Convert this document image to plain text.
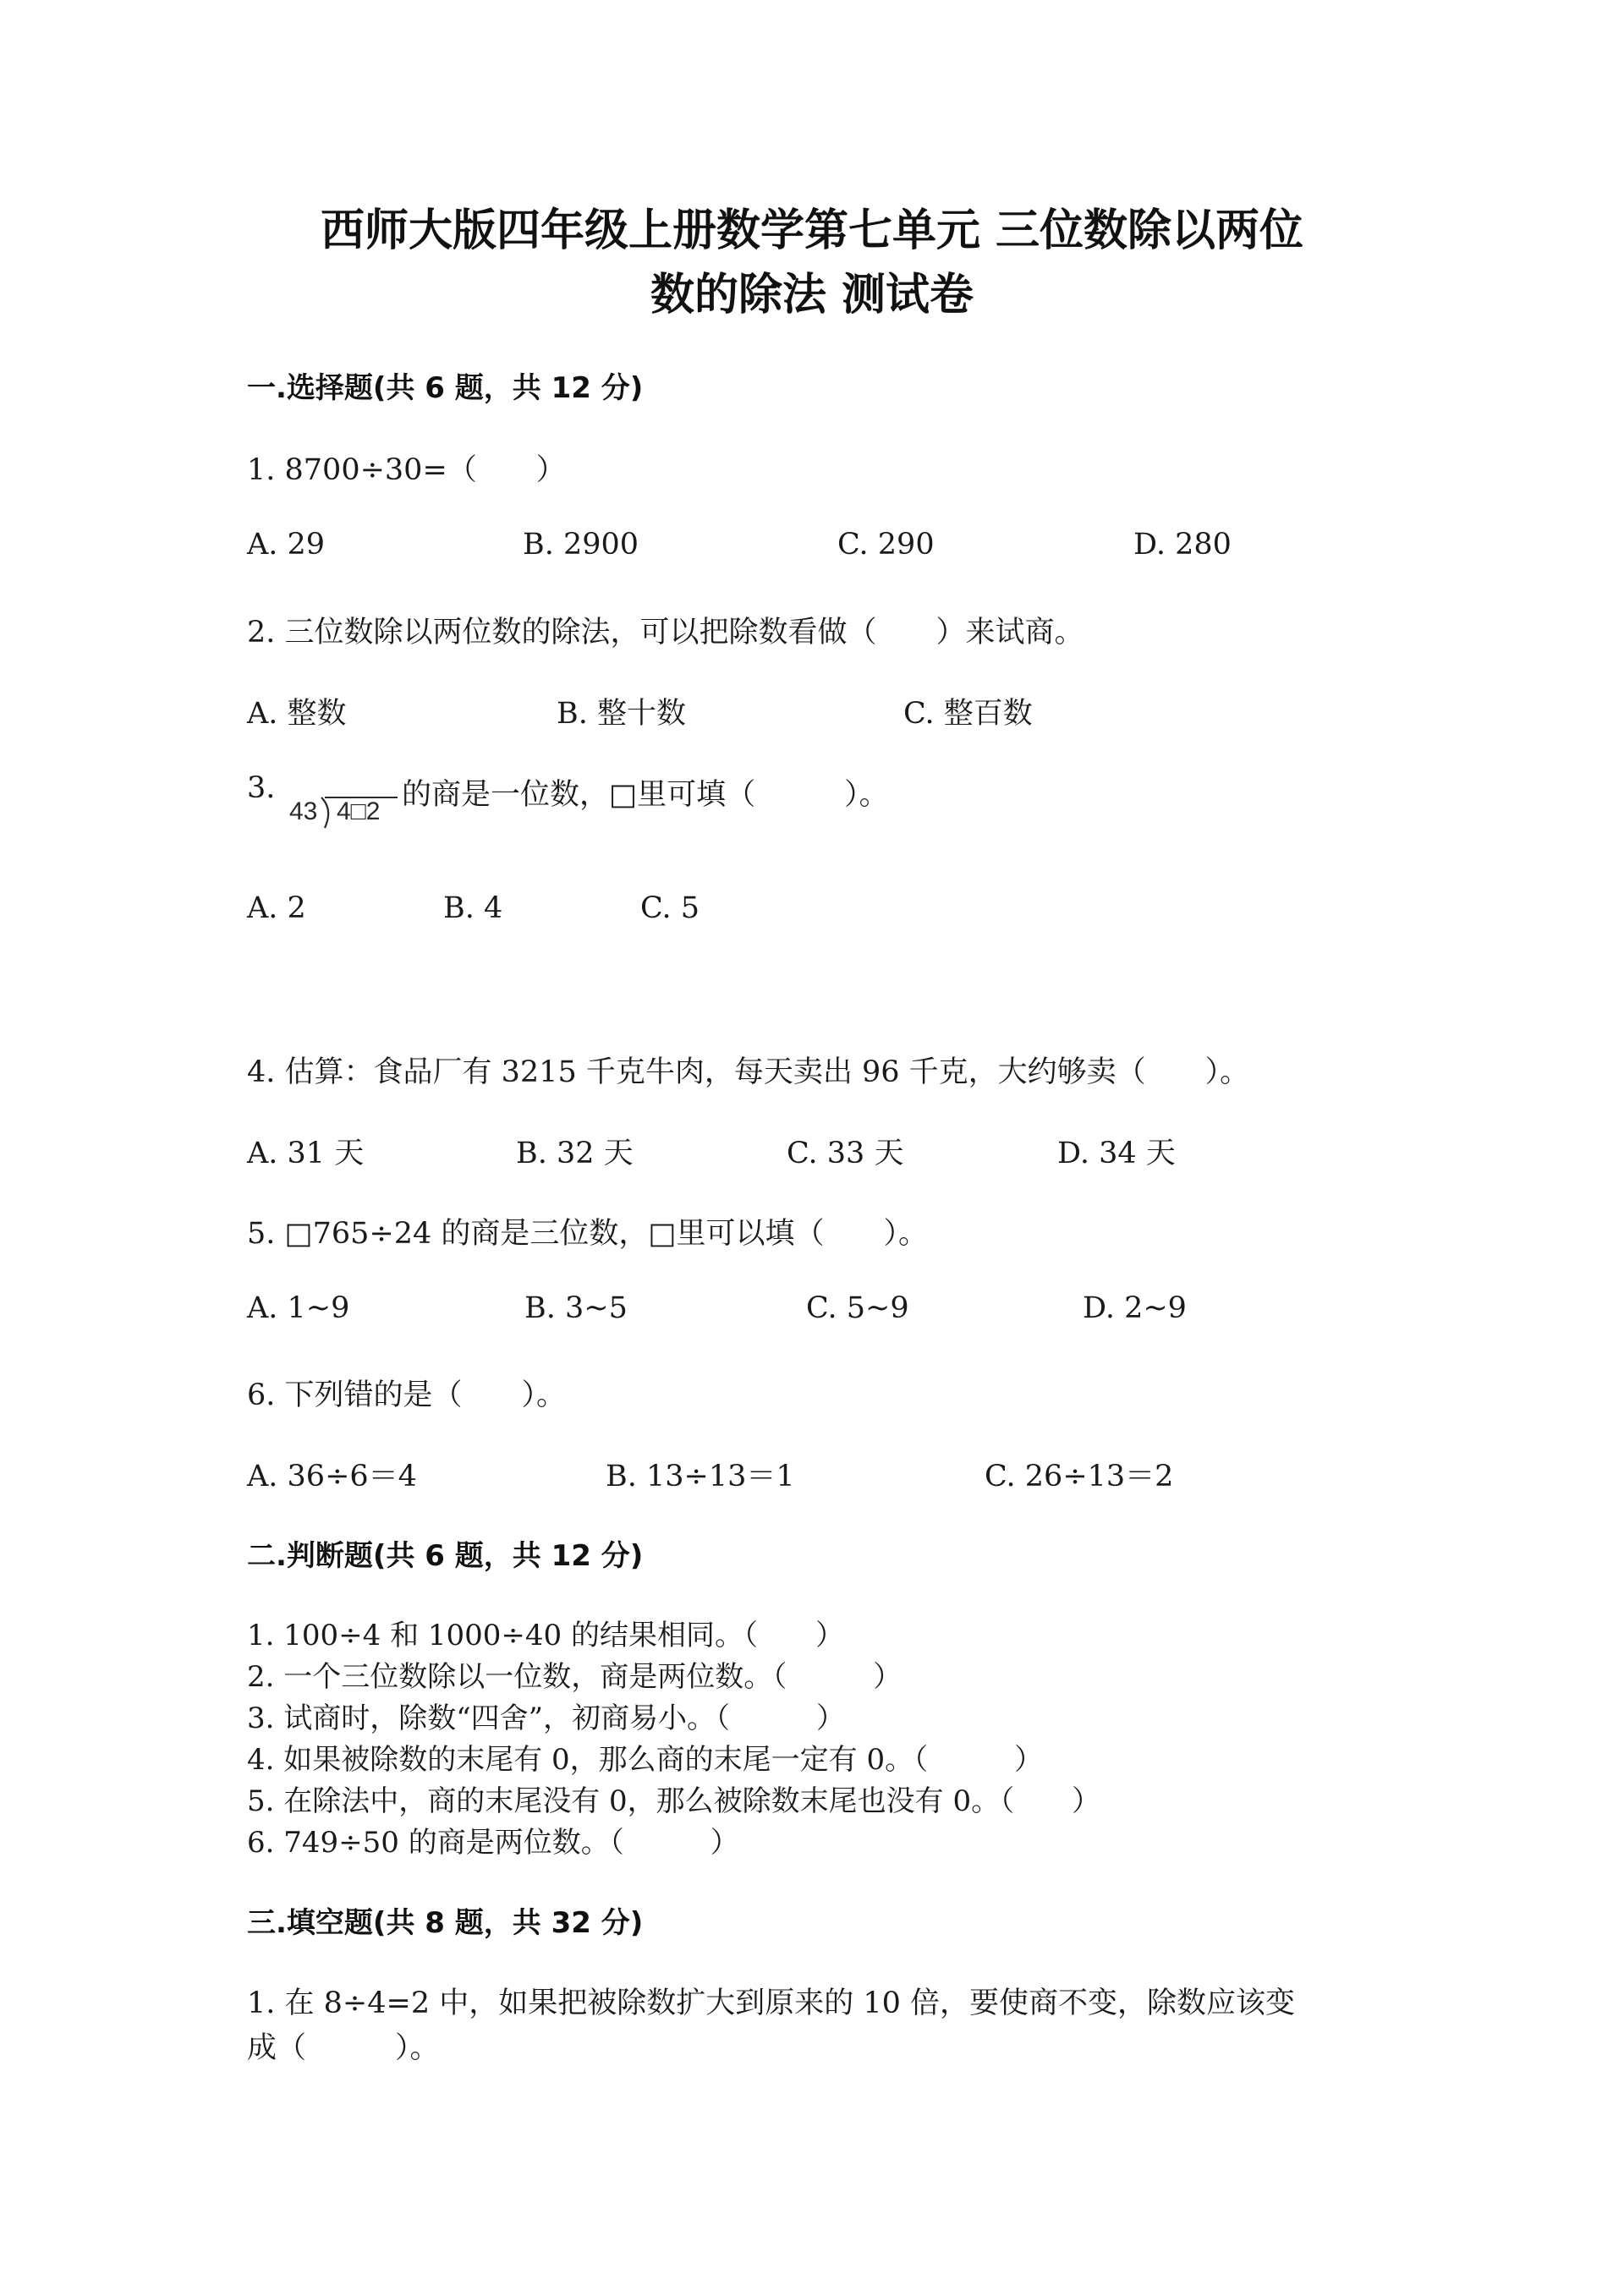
西师大版四年级上册数学第七单元 三位数除以两位
数的除法 测试卷
一.选择题(共 6 题，共 12 分)
1. 8700÷30=（　　）
A. 29	B. 2900	C. 290	D. 280
2. 三位数除以两位数的除法，可以把除数看做（　　）来试商。
A. 整数	B. 整十数	C. 整百数
3.
43 4□2 的商是一位数，□里可填（　　　）。
A. 2	B. 4	C. 5
4. 估算：食品厂有 3215 千克牛肉，每天卖出 96 千克，大约够卖（　　）。
A. 31 天	B. 32 天	C. 33 天	D. 34 天
5. □765÷24 的商是三位数，□里可以填（　　）。
A. 1~9	B. 3~5	C. 5~9	D. 2~9
6. 下列错的是（　　）。
A. 36÷6＝4	B. 13÷13＝1	C. 26÷13＝2
二.判断题(共 6 题，共 12 分)
1. 100÷4 和 1000÷40 的结果相同。（　　）
2. 一个三位数除以一位数，商是两位数。（　　　）
3. 试商时，除数“四舍”，初商易小。（　　　）
4. 如果被除数的末尾有 0，那么商的末尾一定有 0。（　　　）
5. 在除法中，商的末尾没有 0，那么被除数末尾也没有 0。（　　）
6. 749÷50 的商是两位数。（　　　）
三.填空题(共 8 题，共 32 分)
1. 在 8÷4=2 中，如果把被除数扩大到原来的 10 倍，要使商不变，除数应该变
成（　　　）。
